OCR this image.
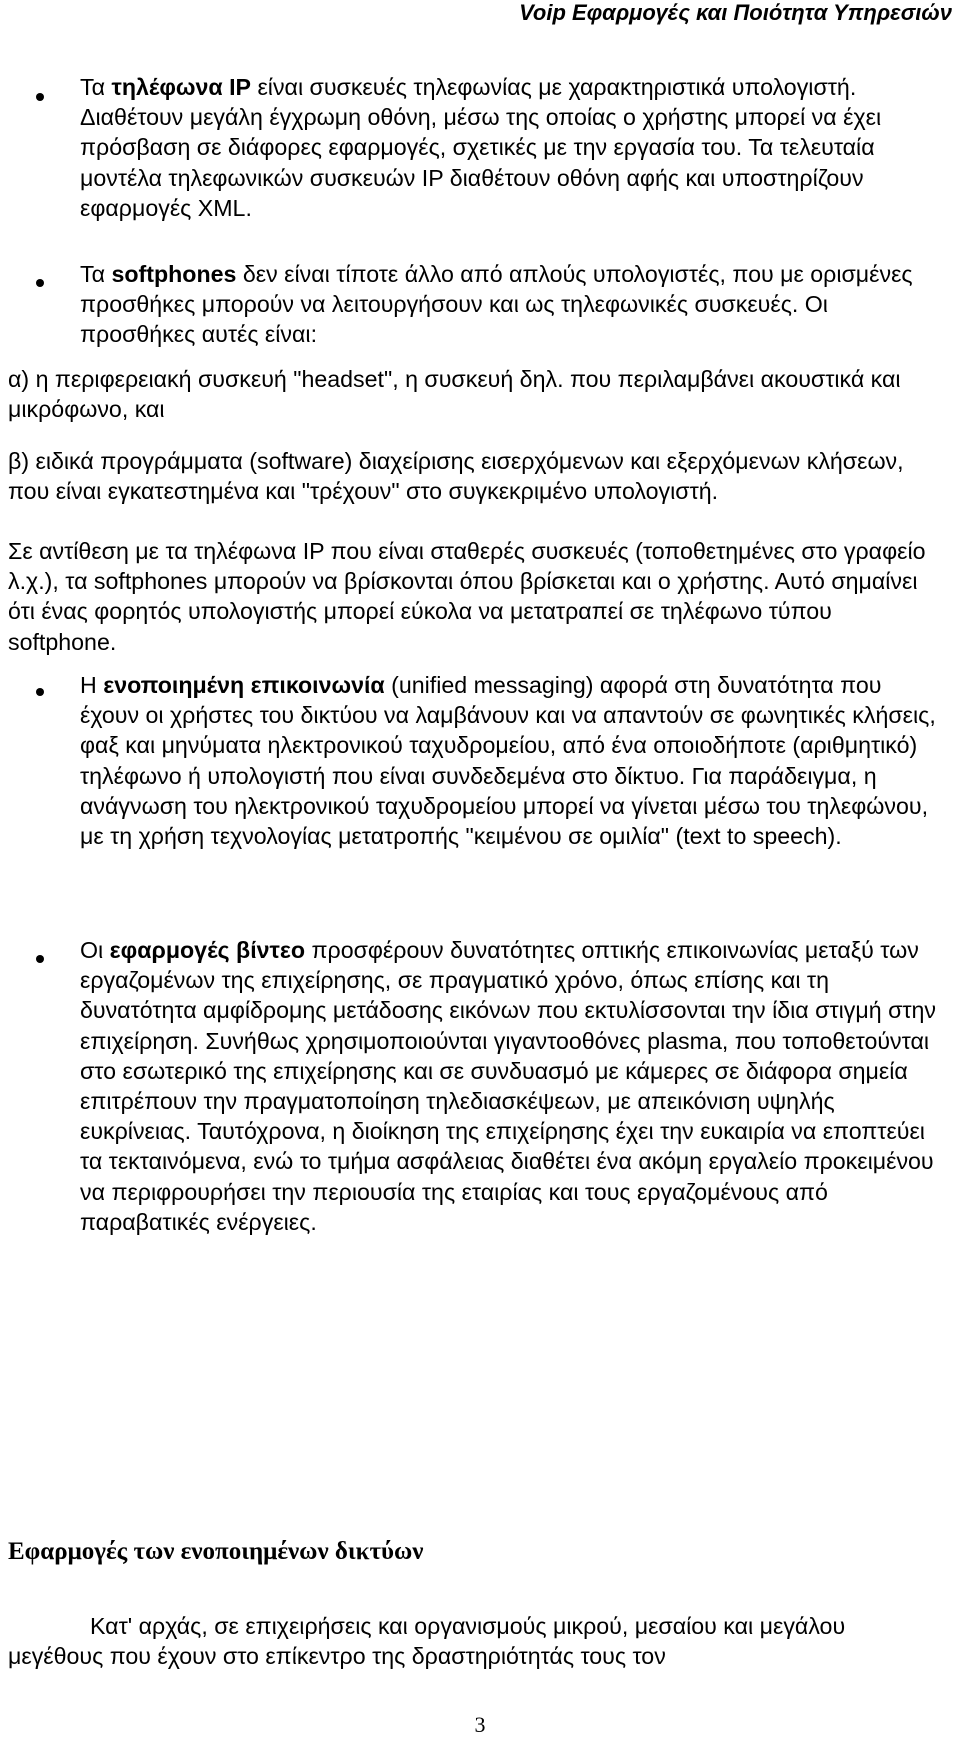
Voip Εφαρμογές και Ποιότητα Υπηρεσιών
Τα τηλέφωνα IP είναι συσκευές τηλεφωνίας με χαρακτηριστικά υπολογιστή. Διαθέτουν μεγάλη έγχρωμη οθόνη, μέσω της οποίας ο χρήστης μπορεί να έχει πρόσβαση σε διάφορες εφαρμογές, σχετικές με την εργασία του. Τα τελευταία μοντέλα τηλεφωνικών συσκευών IP διαθέτουν οθόνη αφής και υποστηρίζουν εφαρμογές XML.
Τα softphones δεν είναι τίποτε άλλο από απλούς υπολογιστές, που με ορισμένες προσθήκες μπορούν να λειτουργήσουν και ως τηλεφωνικές συσκευές. Οι προσθήκες αυτές είναι:
α) η περιφερειακή συσκευή "headset", η συσκευή δηλ. που περιλαμβάνει ακουστικά και μικρόφωνο, και
β) ειδικά προγράμματα (software) διαχείρισης εισερχόμενων και εξερχόμενων κλήσεων, που είναι εγκατεστημένα και "τρέχουν" στο συγκεκριμένο υπολογιστή.
Σε αντίθεση με τα τηλέφωνα IP που είναι σταθερές συσκευές (τοποθετημένες στο γραφείο λ.χ.), τα softphones μπορούν να βρίσκονται όπου βρίσκεται και ο χρήστης. Αυτό σημαίνει ότι ένας φορητός υπολογιστής μπορεί εύκολα να μετατραπεί σε τηλέφωνο τύπου softphone.
Η ενοποιημένη επικοινωνία (unified messaging) αφορά στη δυνατότητα που έχουν οι χρήστες του δικτύου να λαμβάνουν και να απαντούν σε φωνητικές κλήσεις, φαξ και μηνύματα ηλεκτρονικού ταχυδρομείου, από ένα οποιοδήποτε (αριθμητικό) τηλέφωνο ή υπολογιστή που είναι συνδεδεμένα στο δίκτυο. Για παράδειγμα, η ανάγνωση του ηλεκτρονικού ταχυδρομείου μπορεί να γίνεται μέσω του τηλεφώνου, με τη χρήση τεχνολογίας μετατροπής "κειμένου σε ομιλία" (text to speech).
Οι εφαρμογές βίντεο προσφέρουν δυνατότητες οπτικής επικοινωνίας μεταξύ των εργαζομένων της επιχείρησης, σε πραγματικό χρόνο, όπως επίσης και τη δυνατότητα αμφίδρομης μετάδοσης εικόνων που εκτυλίσσονται την ίδια στιγμή στην επιχείρηση. Συνήθως χρησιμοποιούνται γιγαντοοθόνες plasma, που τοποθετούνται στο εσωτερικό της επιχείρησης και σε συνδυασμό με κάμερες σε διάφορα σημεία επιτρέπουν την πραγματοποίηση τηλεδιασκέψεων, με απεικόνιση υψηλής ευκρίνειας. Ταυτόχρονα, η διοίκηση της επιχείρησης έχει την ευκαιρία να εποπτεύει τα τεκταινόμενα, ενώ το τμήμα ασφάλειας διαθέτει ένα ακόμη εργαλείο προκειμένου να περιφρουρήσει την περιουσία της εταιρίας και τους εργαζομένους από παραβατικές ενέργειες.
Εφαρμογές των ενοποιημένων δικτύων
Κατ' αρχάς, σε επιχειρήσεις και οργανισμούς μικρού, μεσαίου και μεγάλου μεγέθους που έχουν στο επίκεντρο της δραστηριότητάς τους τον
3
